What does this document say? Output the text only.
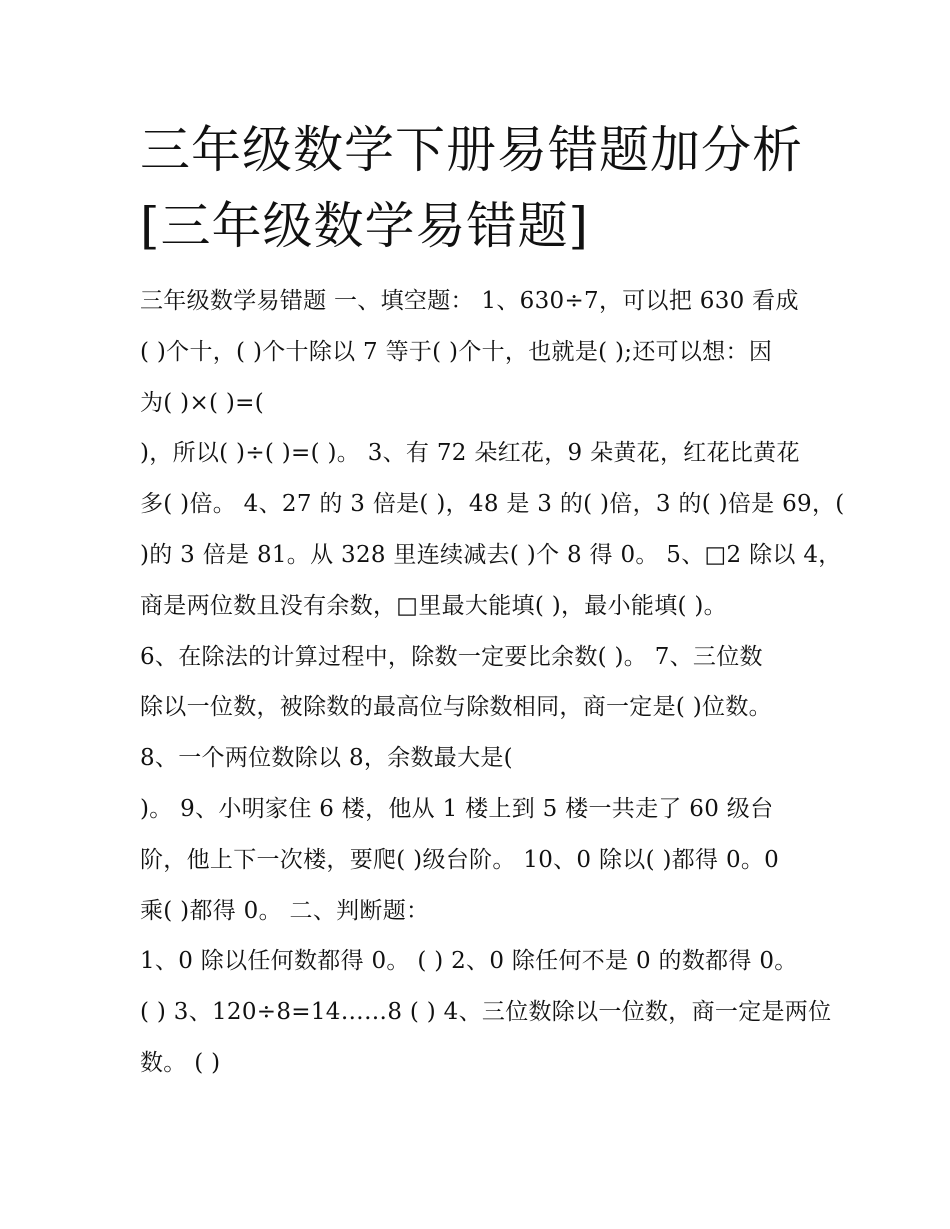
三年级数学下册易错题加分析
[三年级数学易错题]
三年级数学易错题 一、填空题： 1、630÷7，可以把 630 看成
( )个十，( )个十除以 7 等于( )个十，也就是( );还可以想：因
为( )×( )=(
)，所以( )÷( )=( )。 3、有 72 朵红花，9 朵黄花，红花比黄花
多( )倍。 4、27 的 3 倍是( )，48 是 3 的( )倍，3 的( )倍是 69，(
)的 3 倍是 81。从 328 里连续减去( )个 8 得 0。 5、□2 除以 4，
商是两位数且没有余数，□里最大能填( )，最小能填( )。
6、在除法的计算过程中，除数一定要比余数( )。 7、三位数
除以一位数，被除数的最高位与除数相同，商一定是( )位数。
8、一个两位数除以 8，余数最大是(
)。 9、小明家住 6 楼，他从 1 楼上到 5 楼一共走了 60 级台
阶，他上下一次楼，要爬( )级台阶。 10、0 除以( )都得 0。0
乘( )都得 0。 二、判断题：
1、0 除以任何数都得 0。 ( ) 2、0 除任何不是 0 的数都得 0。
( ) 3、120÷8=14……8 ( ) 4、三位数除以一位数，商一定是两位
数。 ( )
